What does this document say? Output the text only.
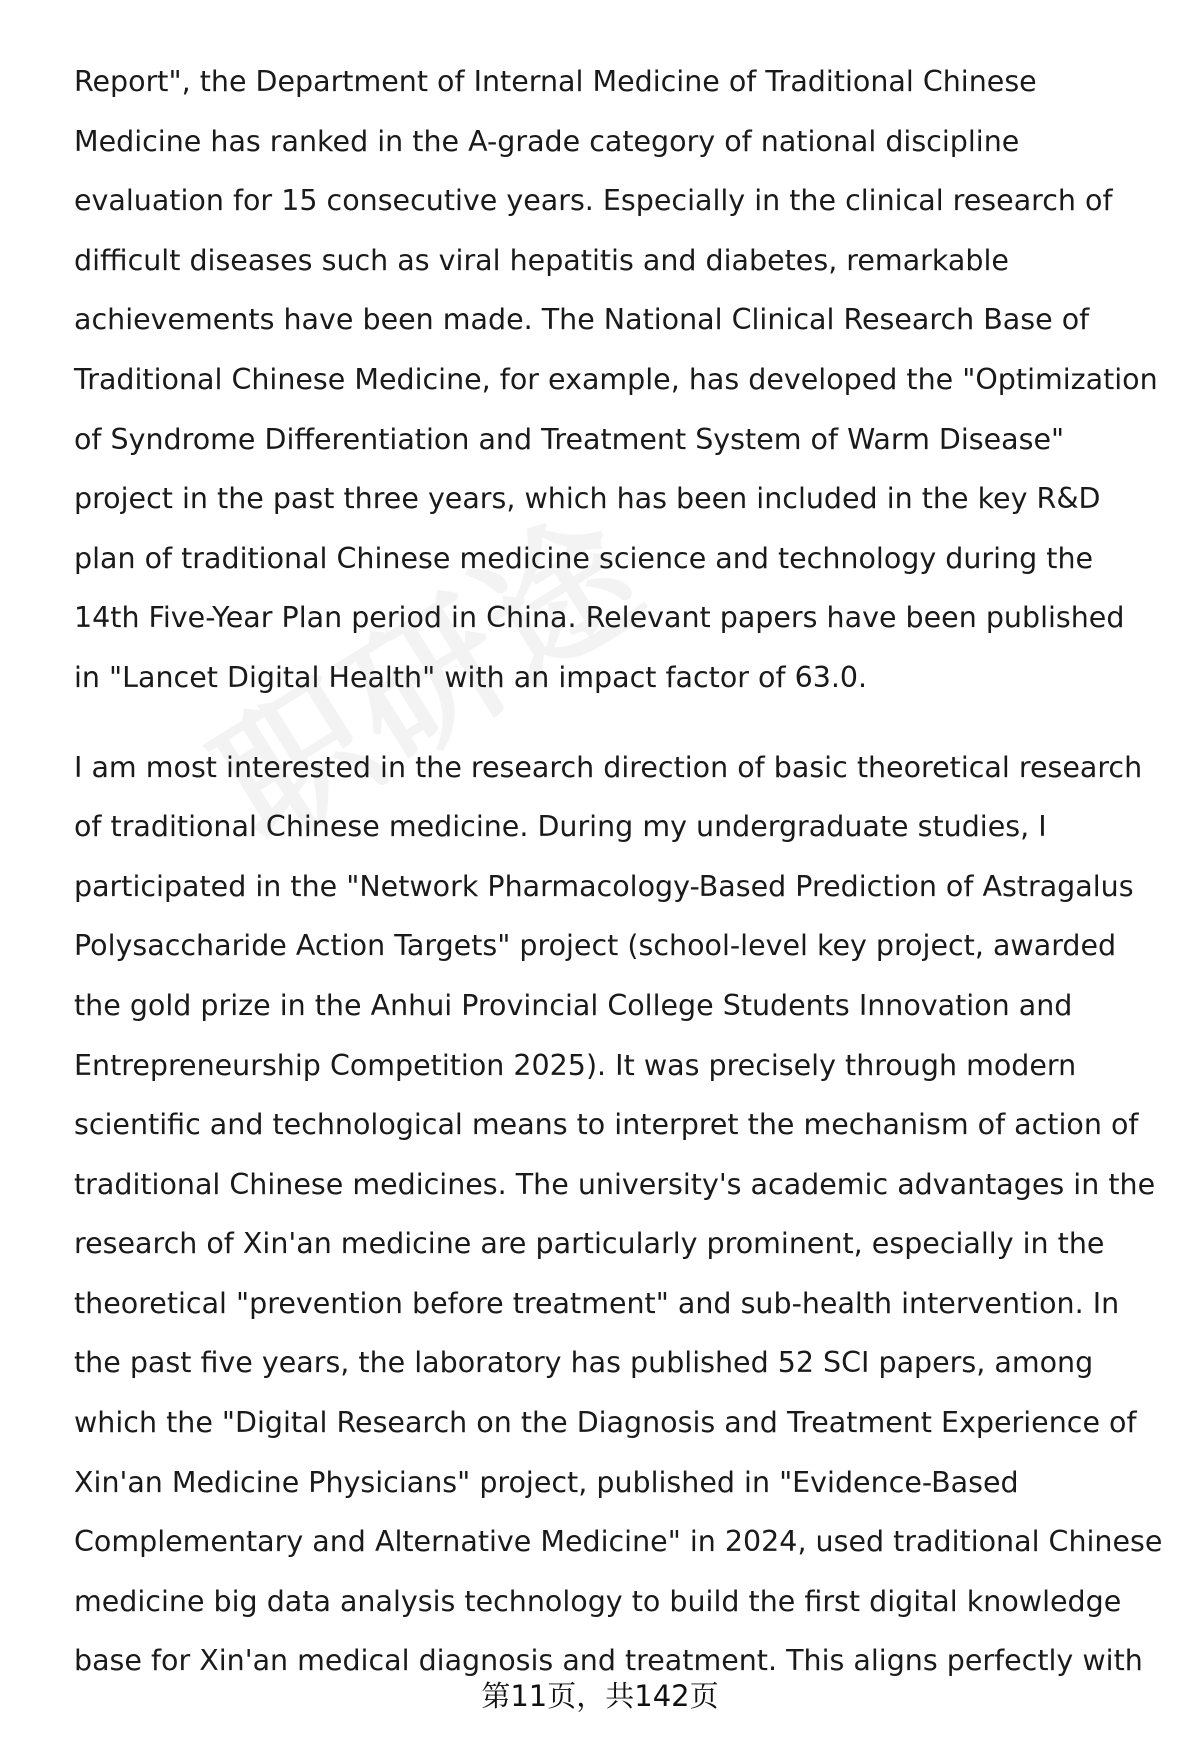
Report", the Department of Internal Medicine of Traditional Chinese
Medicine has ranked in the A-grade category of national discipline
evaluation for 15 consecutive years. Especially in the clinical research of
difficult diseases such as viral hepatitis and diabetes, remarkable
achievements have been made. The National Clinical Research Base of
Traditional Chinese Medicine, for example, has developed the "Optimization
of Syndrome Differentiation and Treatment System of Warm Disease"
project in the past three years, which has been included in the key R&D
plan of traditional Chinese medicine science and technology during the
14th Five-Year Plan period in China. Relevant papers have been published
in "Lancet Digital Health" with an impact factor of 63.0.
I am most interested in the research direction of basic theoretical research
of traditional Chinese medicine. During my undergraduate studies, I
participated in the "Network Pharmacology-Based Prediction of Astragalus
Polysaccharide Action Targets" project (school-level key project, awarded
the gold prize in the Anhui Provincial College Students Innovation and
Entrepreneurship Competition 2025). It was precisely through modern
scientific and technological means to interpret the mechanism of action of
traditional Chinese medicines. The university's academic advantages in the
research of Xin'an medicine are particularly prominent, especially in the
theoretical "prevention before treatment" and sub-health intervention. In
the past five years, the laboratory has published 52 SCI papers, among
which the "Digital Research on the Diagnosis and Treatment Experience of
Xin'an Medicine Physicians" project, published in "Evidence-Based
Complementary and Alternative Medicine" in 2024, used traditional Chinese
medicine big data analysis technology to build the first digital knowledge
base for Xin'an medical diagnosis and treatment. This aligns perfectly with
第11页，共142页
